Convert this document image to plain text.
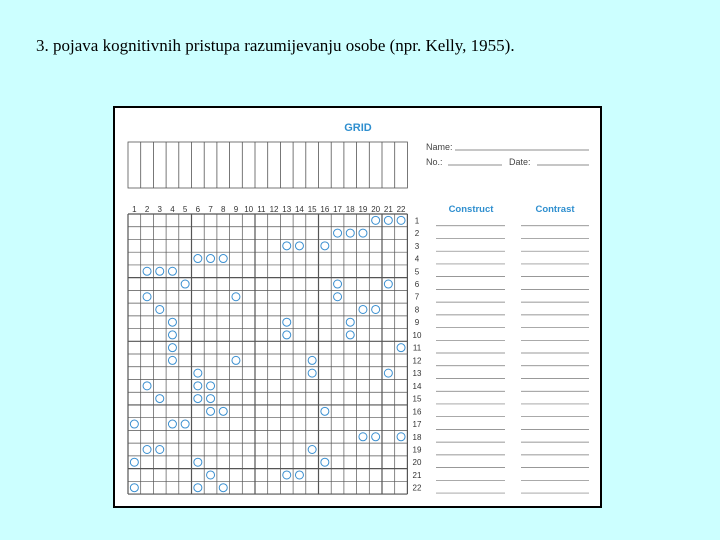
3. pojava kognitivnih pristupa razumijevanju osobe (npr. Kelly, 1955).
GRID
Name:
No.:	Date:
Construct	Contrast
1 2 3 4 5 6 7 8 9 10 11 12 13 14 15 16 17 18 19 20 21 22
1
2
3
4
5
6
7
8
9
10
11
12
13
14
15
16
17
18
19
20
21
22
